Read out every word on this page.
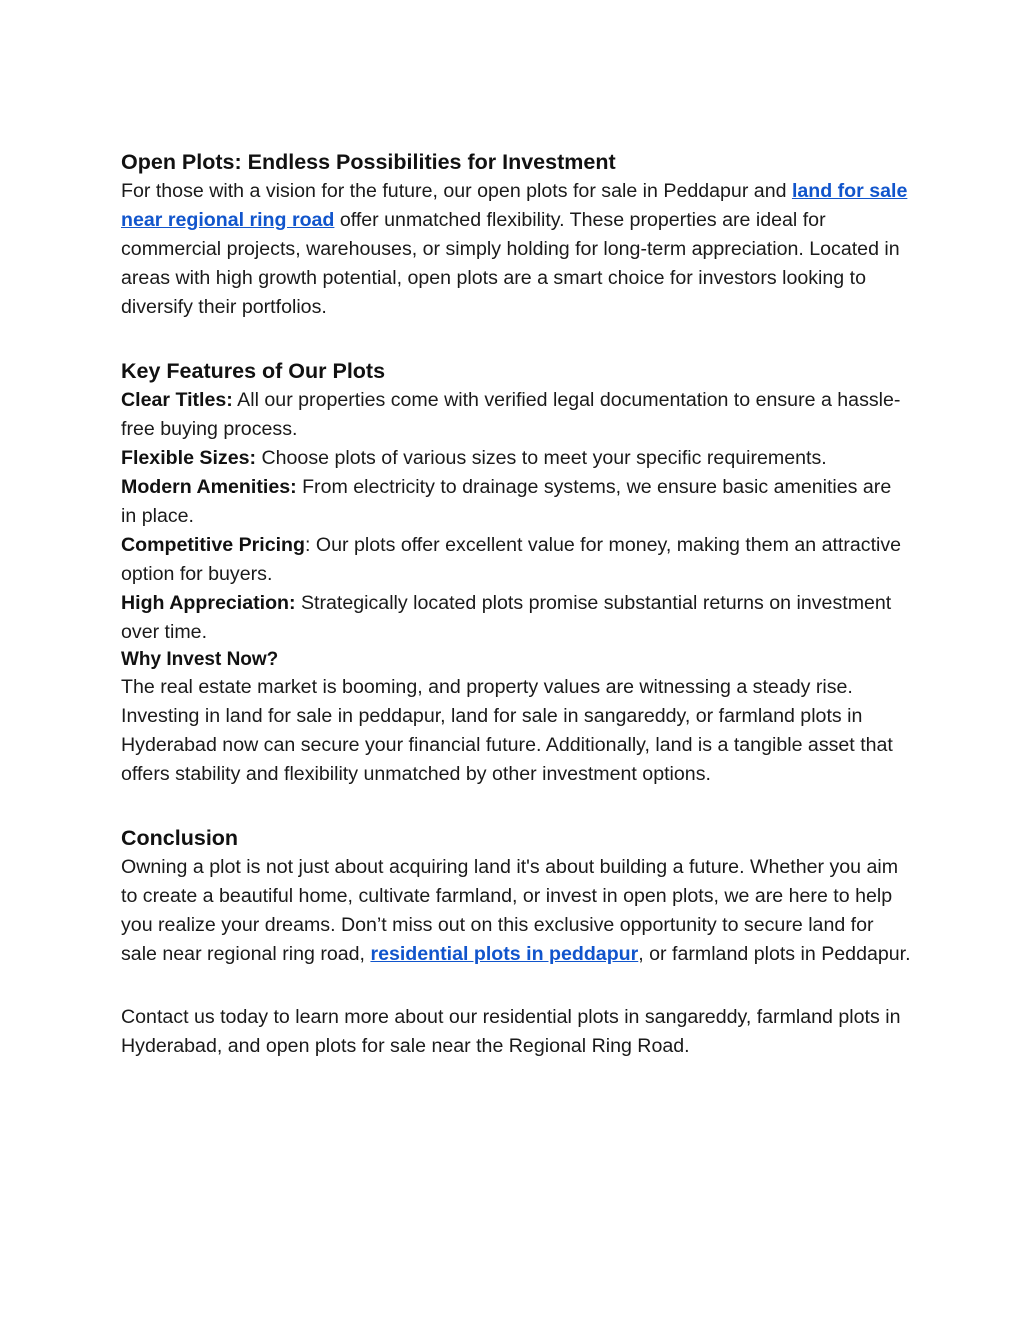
Open Plots: Endless Possibilities for Investment

For those with a vision for the future, our open plots for sale in Peddapur and land for sale near regional ring road offer unmatched flexibility. These properties are ideal for commercial projects, warehouses, or simply holding for long-term appreciation. Located in areas with high growth potential, open plots are a smart choice for investors looking to diversify their portfolios.

Key Features of Our Plots

Clear Titles: All our properties come with verified legal documentation to ensure a hassle-free buying process.

Flexible Sizes: Choose plots of various sizes to meet your specific requirements.

Modern Amenities: From electricity to drainage systems, we ensure basic amenities are in place.

Competitive Pricing: Our plots offer excellent value for money, making them an attractive option for buyers.

High Appreciation: Strategically located plots promise substantial returns on investment over time.

Why Invest Now?

The real estate market is booming, and property values are witnessing a steady rise. Investing in land for sale in peddapur, land for sale in sangareddy, or farmland plots in Hyderabad now can secure your financial future. Additionally, land is a tangible asset that offers stability and flexibility unmatched by other investment options.

Conclusion

Owning a plot is not just about acquiring land it's about building a future. Whether you aim to create a beautiful home, cultivate farmland, or invest in open plots, we are here to help you realize your dreams. Don’t miss out on this exclusive opportunity to secure land for sale near regional ring road, residential plots in peddapur, or farmland plots in Peddapur.

Contact us today to learn more about our residential plots in sangareddy, farmland plots in Hyderabad, and open plots for sale near the Regional Ring Road.
